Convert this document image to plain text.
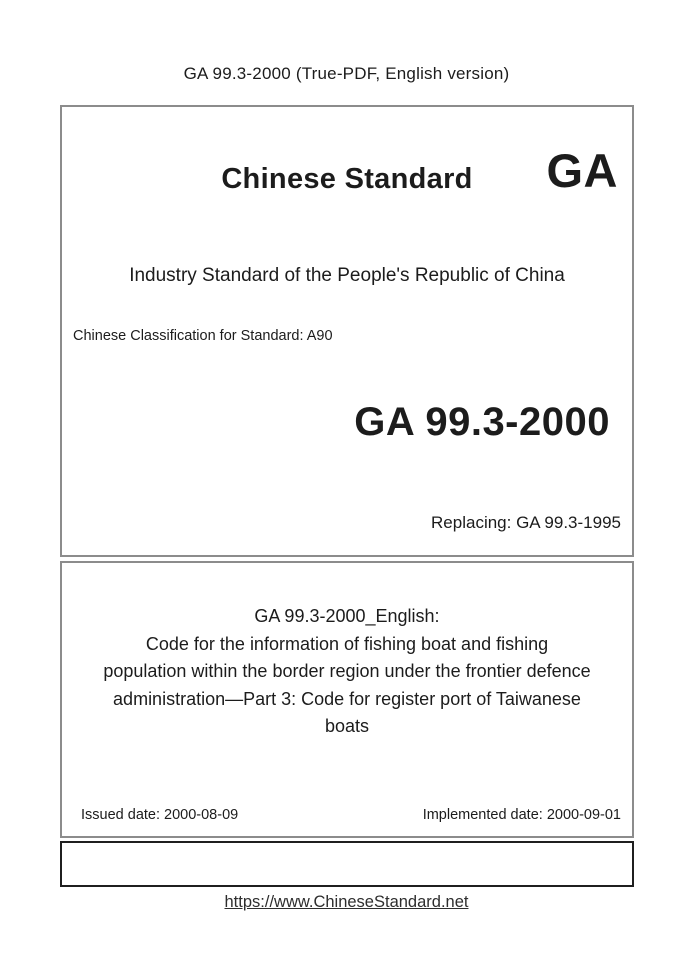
GA 99.3-2000 (True-PDF, English version)
Chinese Standard	GA
Industry Standard of the People's Republic of China
Chinese Classification for Standard: A90
GA 99.3-2000
Replacing: GA 99.3-1995
GA 99.3-2000_English:
Code for the information of fishing boat and fishing
population within the border region under the frontier defence
administration—Part 3: Code for register port of Taiwanese
boats
Issued date: 2000-08-09	Implemented date: 2000-09-01
https://www.ChineseStandard.net
